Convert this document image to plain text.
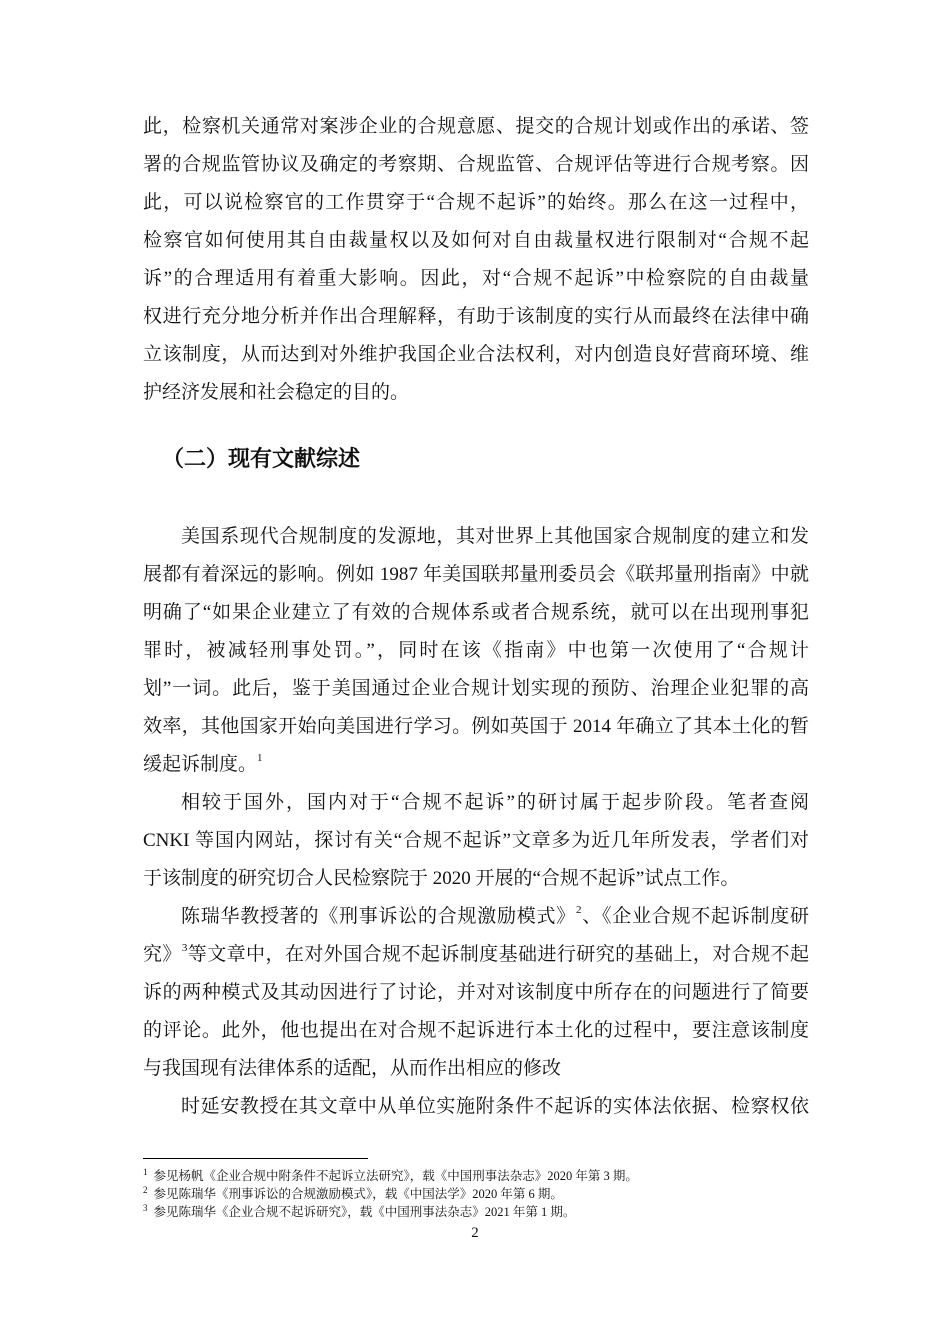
此，检察机关通常对案涉企业的合规意愿、提交的合规计划或作出的承诺、签
署的合规监管协议及确定的考察期、合规监管、合规评估等进行合规考察。因
此，可以说检察官的工作贯穿于“合规不起诉”的始终。那么在这一过程中，
检察官如何使用其自由裁量权以及如何对自由裁量权进行限制对“合规不起
诉”的合理适用有着重大影响。因此，对“合规不起诉”中检察院的自由裁量
权进行充分地分析并作出合理解释，有助于该制度的实行从而最终在法律中确
立该制度，从而达到对外维护我国企业合法权利，对内创造良好营商环境、维
护经济发展和社会稳定的目的。
（二）现有文献综述
美国系现代合规制度的发源地，其对世界上其他国家合规制度的建立和发
展都有着深远的影响。例如 1987 年美国联邦量刑委员会《联邦量刑指南》中就
明确了“如果企业建立了有效的合规体系或者合规系统，就可以在出现刑事犯
罪时，被减轻刑事处罚。”，同时在该《指南》中也第一次使用了“合规计
划”一词。此后，鉴于美国通过企业合规计划实现的预防、治理企业犯罪的高
效率，其他国家开始向美国进行学习。例如英国于 2014 年确立了其本土化的暂
缓起诉制度。$^1$
相较于国外，国内对于“合规不起诉”的研讨属于起步阶段。笔者查阅
CNKI 等国内网站，探讨有关“合规不起诉”文章多为近几年所发表，学者们对
于该制度的研究切合人民检察院于 2020 开展的“合规不起诉”试点工作。
陈瑞华教授著的《刑事诉讼的合规激励模式》$^2$、《企业合规不起诉制度研
究》$^3$等文章中，在对外国合规不起诉制度基础进行研究的基础上，对合规不起
诉的两种模式及其动因进行了讨论，并对对该制度中所存在的问题进行了简要
的评论。此外，他也提出在对合规不起诉进行本土化的过程中，要注意该制度
与我国现有法律体系的适配，从而作出相应的修改
时延安教授在其文章中从单位实施附条件不起诉的实体法依据、检察权依
$^1$ 参见杨帆《企业合规中附条件不起诉立法研究》，载《中国刑事法杂志》2020 年第 3 期。
$^2$ 参见陈瑞华《刑事诉讼的合规激励模式》，载《中国法学》2020 年第 6 期。
$^3$ 参见陈瑞华《企业合规不起诉研究》，载《中国刑事法杂志》2021 年第 1 期。
2
